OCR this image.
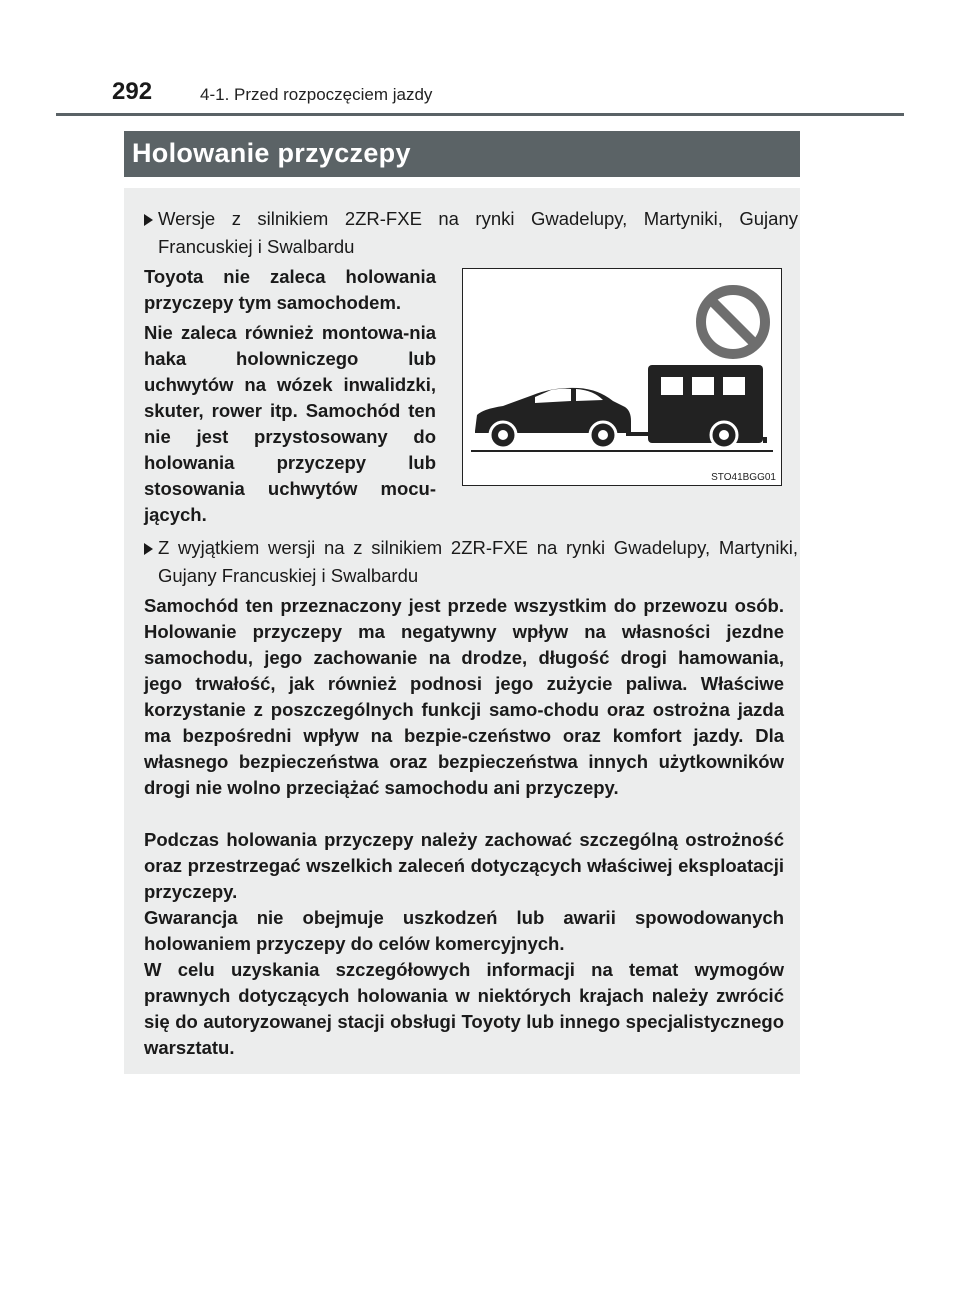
292	4-1. Przed rozpoczęciem jazdy
Holowanie przyczepy
Wersje z silnikiem 2ZR-FXE na rynki Gwadelupy, Martyniki, Gujany Francuskiej i Swalbardu

Toyota nie zaleca holowania przyczepy tym samochodem.

Nie zaleca również montowa-nia haka holowniczego lub uchwytów na wózek inwalidzki, skuter, rower itp. Samochód ten nie jest przystosowany do holowania przyczepy lub stosowania uchwytów mocu-jących.

STO41BGG01
Z wyjątkiem wersji na z silnikiem 2ZR-FXE na rynki Gwadelupy, Martyniki, Gujany Francuskiej i Swalbardu

Samochód ten przeznaczony jest przede wszystkim do przewozu osób. Holowanie przyczepy ma negatywny wpływ na własności jezdne samochodu, jego zachowanie na drodze, długość drogi hamowania, jego trwałość, jak również podnosi jego zużycie paliwa. Właściwe korzystanie z poszczególnych funkcji samo-chodu oraz ostrożna jazda ma bezpośredni wpływ na bezpie-czeństwo oraz komfort jazdy. Dla własnego bezpieczeństwa oraz bezpieczeństwa innych użytkowników drogi nie wolno przeciążać samochodu ani przyczepy.

Podczas holowania przyczepy należy zachować szczególną ostrożność oraz przestrzegać wszelkich zaleceń dotyczących właściwej eksploatacji przyczepy.

Gwarancja nie obejmuje uszkodzeń lub awarii spowodowanych holowaniem przyczepy do celów komercyjnych.

W celu uzyskania szczegółowych informacji na temat wymogów prawnych dotyczących holowania w niektórych krajach należy zwrócić się do autoryzowanej stacji obsługi Toyoty lub innego specjalistycznego warsztatu.
